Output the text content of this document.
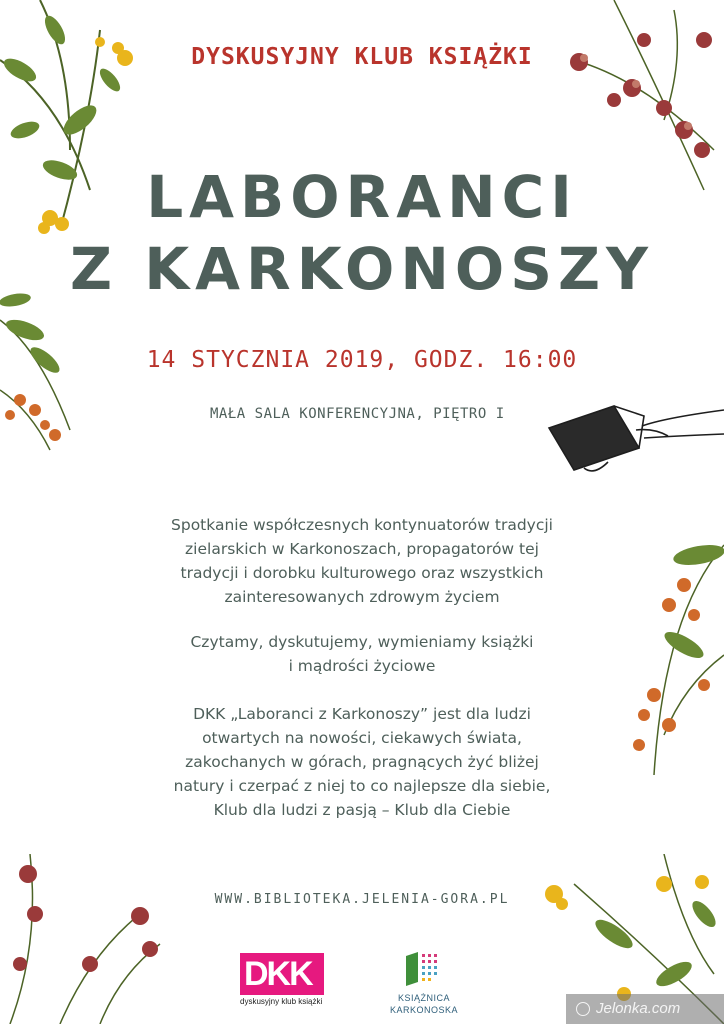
DYSKUSYJNY KLUB KSIĄŻKI
LABORANCI
Z KARKONOSZY
14 STYCZNIA 2019, GODZ. 16:00
MAŁA SALA KONFERENCYJNA, PIĘTRO I
Spotkanie współczesnych kontynuatorów tradycji
zielarskich w Karkonoszach, propagatorów tej
tradycji i dorobku kulturowego oraz wszystkich
zainteresowanych zdrowym życiem
Czytamy, dyskutujemy, wymieniamy książki
i mądrości życiowe
DKK „Laboranci z Karkonoszy” jest dla ludzi
otwartych na nowości, ciekawych świata,
zakochanych w górach, pragnących żyć bliżej
natury i czerpać z niej to co najlepsze dla siebie,
Klub dla ludzi z pasją – Klub dla Ciebie
WWW.BIBLIOTEKA.JELENIA-GORA.PL
DKK
dyskusyjny klub książki	KSIĄŻNICA
KARKONOSKA	Jelonka.com
